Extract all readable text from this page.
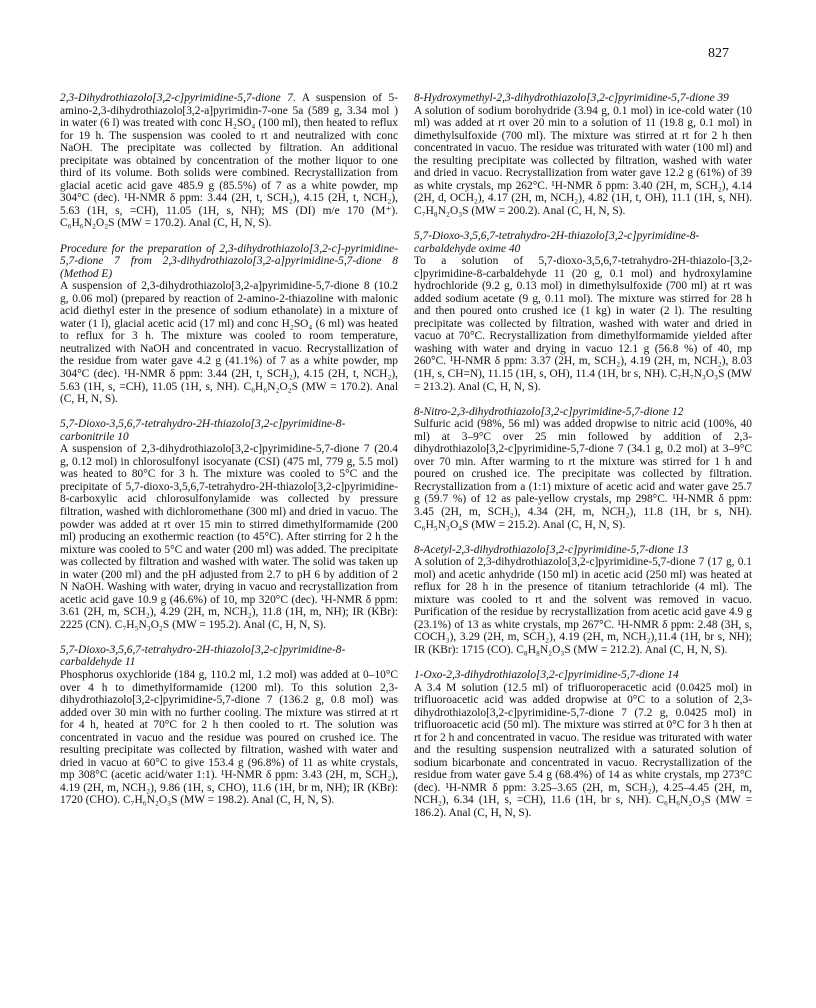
827
2,3-Dihydrothiazolo[3,2-c]pyrimidine-5,7-dione 7. A suspension of 5-amino-2,3-dihydrothiazolo[3,2-a]pyrimidin-7-one 5a (589 g, 3.34 mol ) in water (6 l) was treated with conc H₂SO₄ (100 ml), then heated to reflux for 19 h. The suspension was cooled to rt and neutralized with conc NaOH. The precipitate was collected by filtration. An additional precipitate was obtained by concentration of the mother liquor to one third of its volume. Both solids were combined. Recrystallization from glacial acetic acid gave 485.9 g (85.5%) of 7 as a white powder, mp 304°C (dec). ¹H-NMR δ ppm: 3.44 (2H, t, SCH₂), 4.15 (2H, t, NCH₂), 5.63 (1H, s, =CH), 11.05 (1H, s, NH); MS (DI) m/e 170 (M⁺). C₆H₆N₂O₂S (MW = 170.2). Anal (C, H, N, S).
Procedure for the preparation of 2,3-dihydrothiazolo[3,2-c]-pyrimidine-5,7-dione 7 from 2,3-dihydrothiazolo[3,2-a]pyrimidine-5,7-dione 8 (Method E)
A suspension of 2,3-dihydrothiazolo[3,2-a]pyrimidine-5,7-dione 8 (10.2 g, 0.06 mol) (prepared by reaction of 2-amino-2-thiazoline with malonic acid diethyl ester in the presence of sodium ethanolate) in a mixture of water (1 l), glacial acetic acid (17 ml) and conc H₂SO₄ (6 ml) was heated to reflux for 3 h. The mixture was cooled to room temperature, neutralized with NaOH and concentrated in vacuo. Recrystallization of the residue from water gave 4.2 g (41.1%) of 7 as a white powder, mp 304°C (dec). ¹H-NMR δ ppm: 3.44 (2H, t, SCH₂), 4.15 (2H, t, NCH₂), 5.63 (1H, s, =CH), 11.05 (1H, s, NH). C₆H₆N₂O₂S (MW = 170.2). Anal (C, H, N, S).
5,7-Dioxo-3,5,6,7-tetrahydro-2H-thiazolo[3,2-c]pyrimidine-8-carbonitrile 10
A suspension of 2,3-dihydrothiazolo[3,2-c]pyrimidine-5,7-dione 7 (20.4 g, 0.12 mol) in chlorosulfonyl isocyanate (CSI) (475 ml, 779 g, 5.5 mol) was heated to 80°C for 3 h. The mixture was cooled to 5°C and the precipitate of 5,7-dioxo-3,5,6,7-tetrahydro-2H-thiazolo[3,2-c]pyrimidine-8-carboxylic acid chlorosulfonylamide was collected by pressure filtration, washed with dichloromethane (300 ml) and dried in vacuo. The powder was added at rt over 15 min to stirred dimethylformamide (200 ml) producing an exothermic reaction (to 45°C). After stirring for 2 h the mixture was cooled to 5°C and water (200 ml) was added. The precipitate was collected by filtration and washed with water. The solid was taken up in water (200 ml) and the pH adjusted from 2.7 to pH 6 by addition of 2 N NaOH. Washing with water, drying in vacuo and recrystallization from acetic acid gave 10.9 g (46.6%) of 10, mp 320°C (dec). ¹H-NMR δ ppm: 3.61 (2H, m, SCH₂), 4.29 (2H, m, NCH₂), 11.8 (1H, m, NH); IR (KBr): 2225 (CN). C₇H₅N₃O₂S (MW = 195.2). Anal (C, H, N, S).
5,7-Dioxo-3,5,6,7-tetrahydro-2H-thiazolo[3,2-c]pyrimidine-8-carbaldehyde 11
Phosphorus oxychloride (184 g, 110.2 ml, 1.2 mol) was added at 0–10°C over 4 h to dimethylformamide (1200 ml). To this solution 2,3-dihydrothiazolo[3,2-c]pyrimidine-5,7-dione 7 (136.2 g, 0.8 mol) was added over 30 min with no further cooling. The mixture was stirred at rt for 4 h, heated at 70°C for 2 h then cooled to rt. The solution was concentrated in vacuo and the residue was poured on crushed ice. The resulting precipitate was collected by filtration, washed with water and dried in vacuo at 60°C to give 153.4 g (96.8%) of 11 as white crystals, mp 308°C (acetic acid/water 1:1). ¹H-NMR δ ppm: 3.43 (2H, m, SCH₂), 4.19 (2H, m, NCH₂), 9.86 (1H, s, CHO), 11.6 (1H, br m, NH); IR (KBr): 1720 (CHO). C₇H₆N₂O₃S (MW = 198.2). Anal (C, H, N, S).
8-Hydroxymethyl-2,3-dihydrothiazolo[3,2-c]pyrimidine-5,7-dione 39
A solution of sodium borohydride (3.94 g, 0.1 mol) in ice-cold water (10 ml) was added at rt over 20 min to a solution of 11 (19.8 g, 0.1 mol) in dimethylsulfoxide (700 ml). The mixture was stirred at rt for 2 h then concentrated in vacuo. The residue was triturated with water (100 ml) and the resulting precipitate was collected by filtration, washed with water and dried in vacuo. Recrystallization from water gave 12.2 g (61%) of 39 as white crystals, mp 262°C. ¹H-NMR δ ppm: 3.40 (2H, m, SCH₂), 4.14 (2H, d, OCH₂), 4.17 (2H, m, NCH₂), 4.82 (1H, t, OH), 11.1 (1H, s, NH). C₇H₈N₂O₃S (MW = 200.2). Anal (C, H, N, S).
5,7-Dioxo-3,5,6,7-tetrahydro-2H-thiazolo[3,2-c]pyrimidine-8-carbaldehyde oxime 40
To a solution of 5,7-dioxo-3,5,6,7-tetrahydro-2H-thiazolo-[3,2-c]pyrimidine-8-carbaldehyde 11 (20 g, 0.1 mol) and hydroxylamine hydrochloride (9.2 g, 0.13 mol) in dimethylsulfoxide (700 ml) at rt was added sodium acetate (9 g, 0.11 mol). The mixture was stirred for 28 h and then poured onto crushed ice (1 kg) in water (2 l). The resulting precipitate was collected by filtration, washed with water and dried in vacuo at 70°C. Recrystallization from dimethylformamide yielded after washing with water and drying in vacuo 12.1 g (56.8 %) of 40, mp 260°C. ¹H-NMR δ ppm: 3.37 (2H, m, SCH₂), 4.19 (2H, m, NCH₂), 8.03 (1H, s, CH=N), 11.15 (1H, s, OH), 11.4 (1H, br s, NH). C₇H₇N₃O₃S (MW = 213.2). Anal (C, H, N, S).
8-Nitro-2,3-dihydrothiazolo[3,2-c]pyrimidine-5,7-dione 12
Sulfuric acid (98%, 56 ml) was added dropwise to nitric acid (100%, 40 ml) at 3–9°C over 25 min followed by addition of 2,3-dihydrothiazolo[3,2-c]pyrimidine-5,7-dione 7 (34.1 g, 0.2 mol) at 3–9°C over 70 min. After warming to rt the mixture was stirred for 1 h and poured on crushed ice. The precipitate was collected by filtration. Recrystallization from a (1:1) mixture of acetic acid and water gave 25.7 g (59.7 %) of 12 as pale-yellow crystals, mp 298°C. ¹H-NMR δ ppm: 3.45 (2H, m, SCH₂), 4.34 (2H, m, NCH₂), 11.8 (1H, br s, NH). C₆H₅N₃O₄S (MW = 215.2). Anal (C, H, N, S).
8-Acetyl-2,3-dihydrothiazolo[3,2-c]pyrimidine-5,7-dione 13
A solution of 2,3-dihydrothiazolo[3,2-c]pyrimidine-5,7-dione 7 (17 g, 0.1 mol) and acetic anhydride (150 ml) in acetic acid (250 ml) was heated at reflux for 28 h in the presence of titanium tetrachloride (4 ml). The mixture was cooled to rt and the solvent was removed in vacuo. Purification of the residue by recrystallization from acetic acid gave 4.9 g (23.1%) of 13 as white crystals, mp 267°C. ¹H-NMR δ ppm: 2.48 (3H, s, COCH₃), 3.29 (2H, m, SCH₂), 4.19 (2H, m, NCH₂),11.4 (1H, br s, NH); IR (KBr): 1715 (CO). C₈H₈N₂O₃S (MW = 212.2). Anal (C, H, N, S).
1-Oxo-2,3-dihydrothiazolo[3,2-c]pyrimidine-5,7-dione 14
A 3.4 M solution (12.5 ml) of trifluoroperacetic acid (0.0425 mol) in trifluoroacetic acid was added dropwise at 0°C to a solution of 2,3-dihydrothiazolo[3,2-c]pyrimidine-5,7-dione 7 (7.2 g, 0.0425 mol) in trifluoroacetic acid (50 ml). The mixture was stirred at 0°C for 3 h then at rt for 2 h and concentrated in vacuo. The residue was triturated with water and the resulting suspension neutralized with a saturated solution of sodium bicarbonate and concentrated in vacuo. Recrystallization of the residue from water gave 5.4 g (68.4%) of 14 as white crystals, mp 273°C (dec). ¹H-NMR δ ppm: 3.25–3.65 (2H, m, SCH₂), 4.25–4.45 (2H, m, NCH₂), 6.34 (1H, s, =CH), 11.6 (1H, br s, NH). C₆H₆N₂O₃S (MW = 186.2). Anal (C, H, N, S).
